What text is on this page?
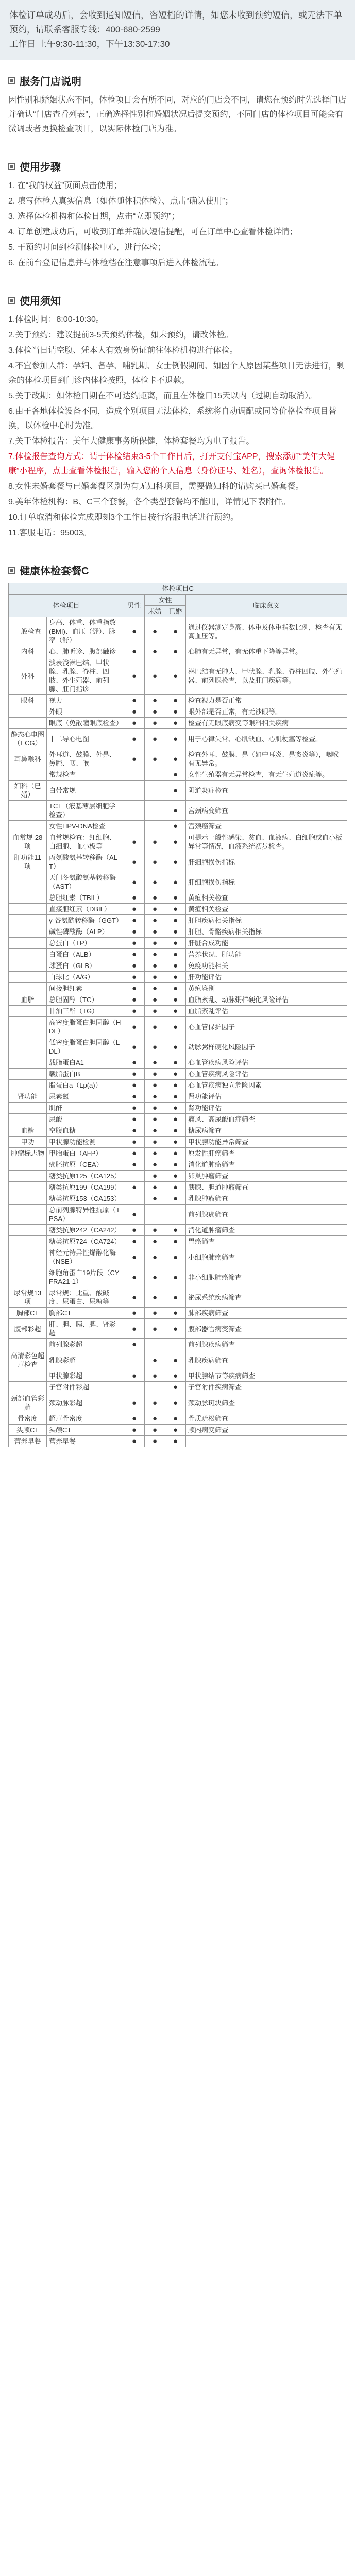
体检订单成功后，会收到通知短信，咨短档的详情，如您未收到预约短信，或无法下单预约，请联系客服专线：400-680-2599

工作日 上午9:30-11:30，下午13:30-17:30

服务门店说明

因性别和婚姻状态不同，体检项目会有所不同，对应的门店会不同，请您在预约时先选择门店并确认“门店查看列表”，正确选择性别和婚姻状况后提交预约，不同门店的体检项目可能会有微调或者更换检查项目，以实际体检门店为准。

使用步骤

1. 在“我的权益”页面点击使用；

2. 填写体检人真实信息（如体随体积体检）、点击“确认使用”；

3. 选择体检机构和体检日期，点击“立即预约”；

4. 订单创建成功后，可收到订单并确认短信提醒，可在订单中心查看体检详情；

5. 于预约时间到检测体检中心，进行体检；

6. 在前台登记信息并与体检档在注意事项后进入体检流程。

使用须知

1.体检时间：8:00-10:30。

2.关于预约：建议提前3-5天预约体检，如未预约，请改体检。

3.体检当日请空腹、凭本人有效身份证前往体检机构进行体检。

4.不宜参加人群：孕妇、备孕、哺乳期、女士例假期间、如因个人原因某些项目无法进行，剩余的体检项目到门诊内体检按照，体检卡不退款。

5.关于改期：如体检日期在不可达约距离，而且在体检日15天以内（过期自动取消）。

6.由于各地体检设备不同，造成个别项目无法体检，系统将自动调配或同等价格检查项目替换，以体检中心时为准。

7.关于体检报告：美年大健康事务所保健，体检套餐均为电子报告。

7.体检报告查询方式：请于体检结束3-5个工作日后，打开支付宝APP，搜索添加“美年大健康”小程序，点击查看体检报告，输入您的个人信息（身份证号、姓名），查询体检报告。

8.女性未婚套餐与已婚套餐区别为有无妇科项目，需要做妇科的请购买已婚套餐。

9.美年体检机构：B、C三个套餐，各个类型套餐均不能用，详情见下表附件。

10.订单取消和体检完成即刻3个工作日按行客服电话进行预约。

11.客服电话：95003。

健康体检套餐C
体检项目C					
体检项目		男性	女性		临床意义
			未婚	已婚	
一般检查	身高、体重、体重指数(BMI)、血压（舒）、脉率（舒）	●	●	●	通过仪器测定身高、体重及体重指数比例，检查有无高血压等。
内科	心、肺听诊、腹部触诊	●	●	●	心肺有无异常，有无体重下降等异常。
外科	淡表浅淋巴结、甲状腺、乳腺、脊柱、四肢、外生殖器、前列腺、肛门指诊	●	●	●	淋巴结有无肿大、甲状腺、乳腺、脊柱四肢、外生殖器、前列腺检查，以及肛门疾病等。
眼科	视力	●	●	●	检查视力是否正常
	外眼	●	●	●	眼外部是否正常，有无沙眼等。
	眼底（免散瞳眼底检查）	●	●	●	检查有无眼底病变等眼科相关疾病
静态心电图（ECG）	十二导心电图	●	●	●	用于心律失常、心肌缺血、心肌梗塞等检查。
耳鼻喉科	外耳道、鼓膜、外鼻、鼻腔、咽、喉	●	●	●	检查外耳、鼓膜、鼻（如中耳炎、鼻窦炎等），咽喉有无异常。
	常规检查			●	女性生殖器有无异常检查，有无生殖道炎症等。
妇科（已婚）	白带常规			●	阴道炎症检查
	TCT（液基薄层细胞学检查）			●	宫颈病变筛查
	女性HPV-DNA检查			●	宫颈癌筛查
血常规-28项	血常规检查：红细胞、白细胞、血小板等	●	●	●	可提示一般性感染、贫血、血液病、白细胞或血小板异常等情况，血液系统初步检查。
肝功能11项	丙氨酸氨基转移酶（ALT）	●	●	●	肝细胞损伤指标
	天门冬氨酸氨基转移酶（AST）	●	●	●	肝细胞损伤指标
	总胆红素（TBIL）	●	●	●	黄疸相关检查
	直接胆红素（DBIL）	●	●	●	黄疸相关检查
	γ-谷氨酰转移酶（GGT）	●	●	●	肝胆疾病相关指标
	碱性磷酸酶（ALP）	●	●	●	肝胆、骨骼疾病相关指标
	总蛋白（TP）	●	●	●	肝脏合成功能
	白蛋白（ALB）	●	●	●	营养状况、肝功能
	球蛋白（GLB）	●	●	●	免疫功能相关
	白球比（A/G）	●	●	●	肝功能评估
	间接胆红素	●	●	●	黄疸鉴别
血脂	总胆固醇（TC）	●	●	●	血脂紊乱、动脉粥样硬化风险评估
	甘油三酯（TG）	●	●	●	血脂紊乱评估
	高密度脂蛋白胆固醇（HDL）	●	●	●	心血管保护因子
	低密度脂蛋白胆固醇（LDL）	●	●	●	动脉粥样硬化风险因子
	载脂蛋白A1	●	●	●	心血管疾病风险评估
	载脂蛋白B	●	●	●	心血管疾病风险评估
	脂蛋白a（Lp(a)）	●	●	●	心血管疾病独立危险因素
肾功能	尿素氮	●	●	●	肾功能评估
	肌酐	●	●	●	肾功能评估
	尿酸	●	●	●	痛风、高尿酸血症筛查
血糖	空腹血糖	●	●	●	糖尿病筛查
甲功	甲状腺功能检测	●	●	●	甲状腺功能异常筛查
肿瘤标志物	甲胎蛋白（AFP）	●	●	●	原发性肝癌筛查
	癌胚抗原（CEA）	●	●	●	消化道肿瘤筛查
	糖类抗原125（CA125）		●	●	卵巢肿瘤筛查
	糖类抗原199（CA199）	●	●	●	胰腺、胆道肿瘤筛查
	糖类抗原153（CA153）		●	●	乳腺肿瘤筛查
	总前列腺特异性抗原（TPSA）	●			前列腺癌筛查
	糖类抗原242（CA242）	●	●	●	消化道肿瘤筛查
	糖类抗原724（CA724）	●	●	●	胃癌筛查
	神经元特异性烯醇化酶（NSE）	●	●	●	小细胞肺癌筛查
	细胞角蛋白19片段（CYFRA21-1）	●	●	●	非小细胞肺癌筛查
尿常规13项	尿常规：比重、酸碱度、尿蛋白、尿糖等	●	●	●	泌尿系统疾病筛查
胸部CT	胸部CT	●	●	●	肺部疾病筛查
腹部彩超	肝、胆、胰、脾、肾彩超	●	●	●	腹部器官病变筛查
	前列腺彩超	●			前列腺疾病筛查
高清彩色超声检查	乳腺彩超		●	●	乳腺疾病筛查
	甲状腺彩超	●	●	●	甲状腺结节等疾病筛查
	子宫附件彩超			●	子宫附件疾病筛查
颈部血管彩超	颈动脉彩超	●	●	●	颈动脉斑块筛查
骨密度	超声骨密度	●	●	●	骨质疏松筛查
头颅CT	头颅CT	●	●	●	颅内病变筛查
营养早餐	营养早餐	●	●	●	
